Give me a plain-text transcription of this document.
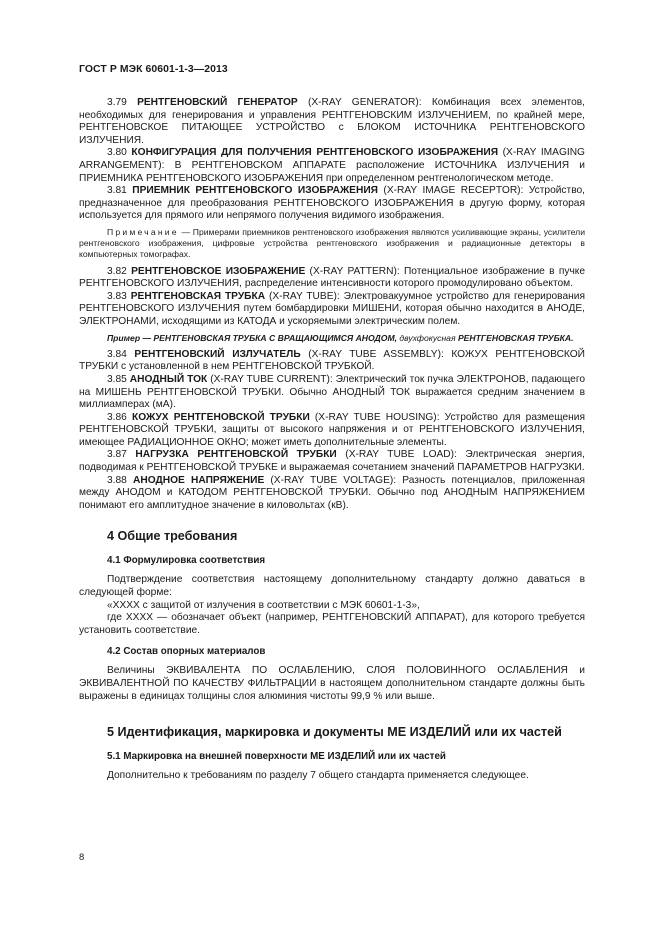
ГОСТ Р МЭК 60601-1-3—2013

3.79 РЕНТГЕНОВСКИЙ ГЕНЕРАТОР (X-RAY GENERATOR): Комбинация всех элементов, необходимых для генерирования и управления РЕНТГЕНОВСКИМ ИЗЛУЧЕНИЕМ, по крайней мере, РЕНТГЕНОВСКОЕ ПИТАЮЩЕЕ УСТРОЙСТВО с БЛОКОМ ИСТОЧНИКА РЕНТГЕНОВСКОГО ИЗЛУЧЕНИЯ.

3.80 КОНФИГУРАЦИЯ ДЛЯ ПОЛУЧЕНИЯ РЕНТГЕНОВСКОГО ИЗОБРАЖЕНИЯ (X-RAY IMAGING ARRANGEMENT): В РЕНТГЕНОВСКОМ АППАРАТЕ расположение ИСТОЧНИКА ИЗЛУЧЕНИЯ и ПРИЕМНИКА РЕНТГЕНОВСКОГО ИЗОБРАЖЕНИЯ при определенном рентгенологическом методе.

3.81 ПРИЕМНИК РЕНТГЕНОВСКОГО ИЗОБРАЖЕНИЯ (X-RAY IMAGE RECEPTOR): Устройство, предназначенное для преобразования РЕНТГЕНОВСКОГО ИЗОБРАЖЕНИЯ в другую форму, которая используется для прямого или непрямого получения видимого изображения.

Примечание — Примерами приемников рентгеновского изображения являются усиливающие экраны, усилители рентгеновского изображения, цифровые устройства рентгеновского изображения и радиационные детекторы в компьютерных томографах.

3.82 РЕНТГЕНОВСКОЕ ИЗОБРАЖЕНИЕ (X-RAY PATTERN): Потенциальное изображение в пучке РЕНТГЕНОВСКОГО ИЗЛУЧЕНИЯ, распределение интенсивности которого промодулировано объектом.

3.83 РЕНТГЕНОВСКАЯ ТРУБКА (X-RAY TUBE): Электровакуумное устройство для генерирования РЕНТГЕНОВСКОГО ИЗЛУЧЕНИЯ путем бомбардировки МИШЕНИ, которая обычно находится в АНОДЕ, ЭЛЕКТРОНАМИ, исходящими из КАТОДА и ускоряемыми электрическим полем.

Пример — РЕНТГЕНОВСКАЯ ТРУБКА С ВРАЩАЮЩИМСЯ АНОДОМ, двухфокусная РЕНТГЕНОВСКАЯ ТРУБКА.

3.84 РЕНТГЕНОВСКИЙ ИЗЛУЧАТЕЛЬ (X-RAY TUBE ASSEMBLY): КОЖУХ РЕНТГЕНОВСКОЙ ТРУБКИ с установленной в нем РЕНТГЕНОВСКОЙ ТРУБКОЙ.

3.85 АНОДНЫЙ ТОК (X-RAY TUBE CURRENT): Электрический ток пучка ЭЛЕКТРОНОВ, падающего на МИШЕНЬ РЕНТГЕНОВСКОЙ ТРУБКИ. Обычно АНОДНЫЙ ТОК выражается средним значением в миллиамперах (мА).

3.86 КОЖУХ РЕНТГЕНОВСКОЙ ТРУБКИ (X-RAY TUBE HOUSING): Устройство для размещения РЕНТГЕНОВСКОЙ ТРУБКИ, защиты от высокого напряжения и от РЕНТГЕНОВСКОГО ИЗЛУЧЕНИЯ, имеющее РАДИАЦИОННОЕ ОКНО; может иметь дополнительные элементы.

3.87 НАГРУЗКА РЕНТГЕНОВСКОЙ ТРУБКИ (X-RAY TUBE LOAD): Электрическая энергия, подводимая к РЕНТГЕНОВСКОЙ ТРУБКЕ и выражаемая сочетанием значений ПАРАМЕТРОВ НАГРУЗКИ.

3.88 АНОДНОЕ НАПРЯЖЕНИЕ (X-RAY TUBE VOLTAGE): Разность потенциалов, приложенная между АНОДОМ и КАТОДОМ РЕНТГЕНОВСКОЙ ТРУБКИ. Обычно под АНОДНЫМ НАПРЯЖЕНИЕМ понимают его амплитудное значение в киловольтах (кВ).

4 Общие требования
4.1 Формулировка соответствия

Подтверждение соответствия настоящему дополнительному стандарту должно даваться в следующей форме:

«ХХХХ с защитой от излучения в соответствии с МЭК 60601-1-3»,

где ХХХХ — обозначает объект (например, РЕНТГЕНОВСКИЙ АППАРАТ), для которого требуется установить соответствие.

4.2 Состав опорных материалов

Величины ЭКВИВАЛЕНТА ПО ОСЛАБЛЕНИЮ, СЛОЯ ПОЛОВИННОГО ОСЛАБЛЕНИЯ и ЭКВИВАЛЕНТНОЙ ПО КАЧЕСТВУ ФИЛЬТРАЦИИ в настоящем дополнительном стандарте должны быть выражены в единицах толщины слоя алюминия чистоты 99,9 % или выше.

5 Идентификация, маркировка и документы МЕ ИЗДЕЛИЙ или их частей
5.1 Маркировка на внешней поверхности МЕ ИЗДЕЛИЙ или их частей

Дополнительно к требованиям по разделу 7 общего стандарта применяется следующее.

8
